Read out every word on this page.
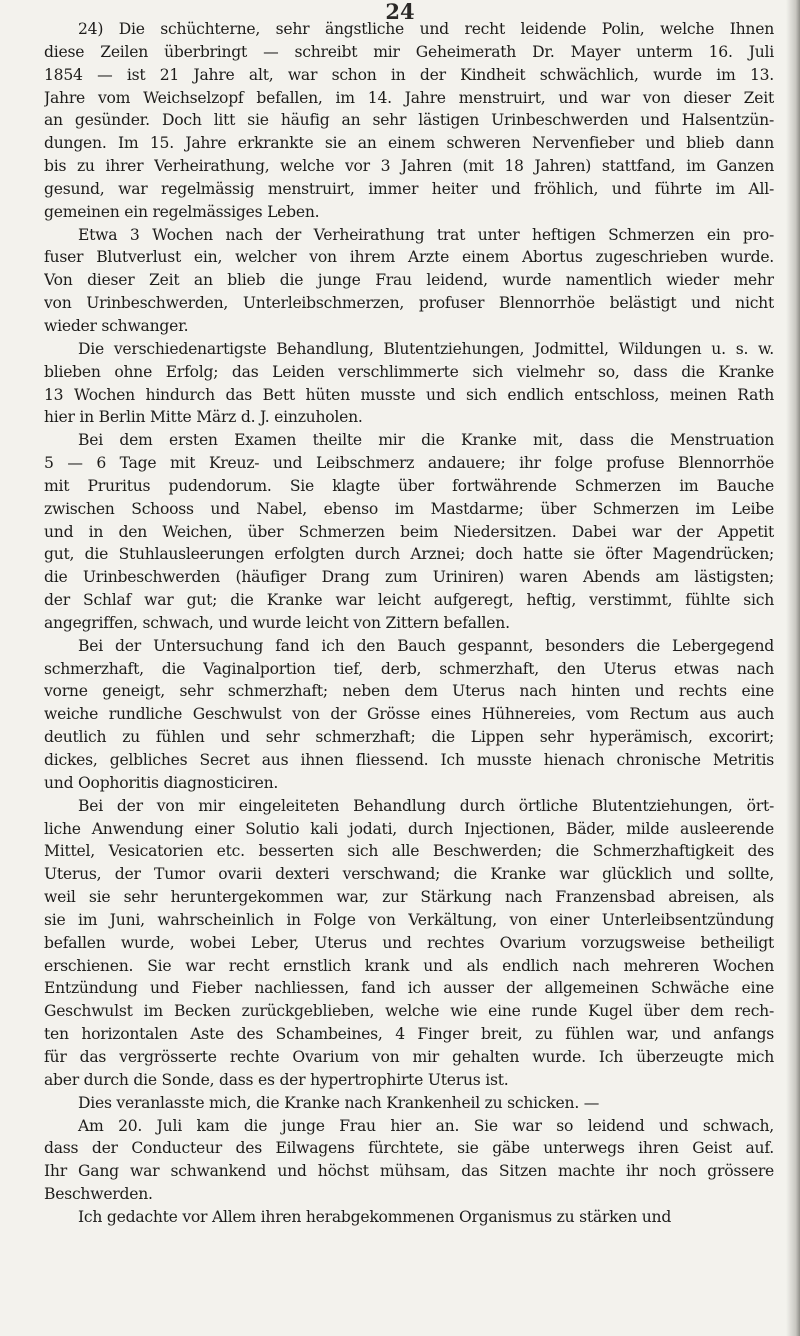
24
24) Die schüchterne, sehr ängstliche und recht leidende Polin, welche Ihnen
diese Zeilen überbringt — schreibt mir Geheimerath Dr. Mayer unterm 16. Juli
1854 — ist 21 Jahre alt, war schon in der Kindheit schwächlich, wurde im 13.
Jahre vom Weichselzopf befallen, im 14. Jahre menstruirt, und war von dieser Zeit
an gesünder. Doch litt sie häufig an sehr lästigen Urinbeschwerden und Halsentzün-
dungen. Im 15. Jahre erkrankte sie an einem schweren Nervenfieber und blieb dann
bis zu ihrer Verheirathung, welche vor 3 Jahren (mit 18 Jahren) stattfand, im Ganzen
gesund, war regelmässig menstruirt, immer heiter und fröhlich, und führte im All-
gemeinen ein regelmässiges Leben.
Etwa 3 Wochen nach der Verheirathung trat unter heftigen Schmerzen ein pro-
fuser Blutverlust ein, welcher von ihrem Arzte einem Abortus zugeschrieben wurde.
Von dieser Zeit an blieb die junge Frau leidend, wurde namentlich wieder mehr
von Urinbeschwerden, Unterleibschmerzen, profuser Blennorrhöe belästigt und nicht
wieder schwanger.
Die verschiedenartigste Behandlung, Blutentziehungen, Jodmittel, Wildungen u. s. w.
blieben ohne Erfolg; das Leiden verschlimmerte sich vielmehr so, dass die Kranke
13 Wochen hindurch das Bett hüten musste und sich endlich entschloss, meinen Rath
hier in Berlin Mitte März d. J. einzuholen.
Bei dem ersten Examen theilte mir die Kranke mit, dass die Menstruation
5 — 6 Tage mit Kreuz- und Leibschmerz andauere; ihr folge profuse Blennorrhöe
mit Pruritus pudendorum. Sie klagte über fortwährende Schmerzen im Bauche
zwischen Schooss und Nabel, ebenso im Mastdarme; über Schmerzen im Leibe
und in den Weichen, über Schmerzen beim Niedersitzen. Dabei war der Appetit
gut, die Stuhlausleerungen erfolgten durch Arznei; doch hatte sie öfter Magendrücken;
die Urinbeschwerden (häufiger Drang zum Uriniren) waren Abends am lästigsten;
der Schlaf war gut; die Kranke war leicht aufgeregt, heftig, verstimmt, fühlte sich
angegriffen, schwach, und wurde leicht von Zittern befallen.
Bei der Untersuchung fand ich den Bauch gespannt, besonders die Lebergegend
schmerzhaft, die Vaginalportion tief, derb, schmerzhaft, den Uterus etwas nach
vorne geneigt, sehr schmerzhaft; neben dem Uterus nach hinten und rechts eine
weiche rundliche Geschwulst von der Grösse eines Hühnereies, vom Rectum aus auch
deutlich zu fühlen und sehr schmerzhaft; die Lippen sehr hyperämisch, excorirt;
dickes, gelbliches Secret aus ihnen fliessend. Ich musste hienach chronische Metritis
und Oophoritis diagnosticiren.
Bei der von mir eingeleiteten Behandlung durch örtliche Blutentziehungen, ört-
liche Anwendung einer Solutio kali jodati, durch Injectionen, Bäder, milde ausleerende
Mittel, Vesicatorien etc. besserten sich alle Beschwerden; die Schmerzhaftigkeit des
Uterus, der Tumor ovarii dexteri verschwand; die Kranke war glücklich und sollte,
weil sie sehr heruntergekommen war, zur Stärkung nach Franzensbad abreisen, als
sie im Juni, wahrscheinlich in Folge von Verkältung, von einer Unterleibsentzündung
befallen wurde, wobei Leber, Uterus und rechtes Ovarium vorzugsweise betheiligt
erschienen. Sie war recht ernstlich krank und als endlich nach mehreren Wochen
Entzündung und Fieber nachliessen, fand ich ausser der allgemeinen Schwäche eine
Geschwulst im Becken zurückgeblieben, welche wie eine runde Kugel über dem rech-
ten horizontalen Aste des Schambeines, 4 Finger breit, zu fühlen war, und anfangs
für das vergrösserte rechte Ovarium von mir gehalten wurde. Ich überzeugte mich
aber durch die Sonde, dass es der hypertrophirte Uterus ist.
Dies veranlasste mich, die Kranke nach Krankenheil zu schicken. —
Am 20. Juli kam die junge Frau hier an. Sie war so leidend und schwach,
dass der Conducteur des Eilwagens fürchtete, sie gäbe unterwegs ihren Geist auf.
Ihr Gang war schwankend und höchst mühsam, das Sitzen machte ihr noch grössere
Beschwerden.
Ich gedachte vor Allem ihren herabgekommenen Organismus zu stärken und
